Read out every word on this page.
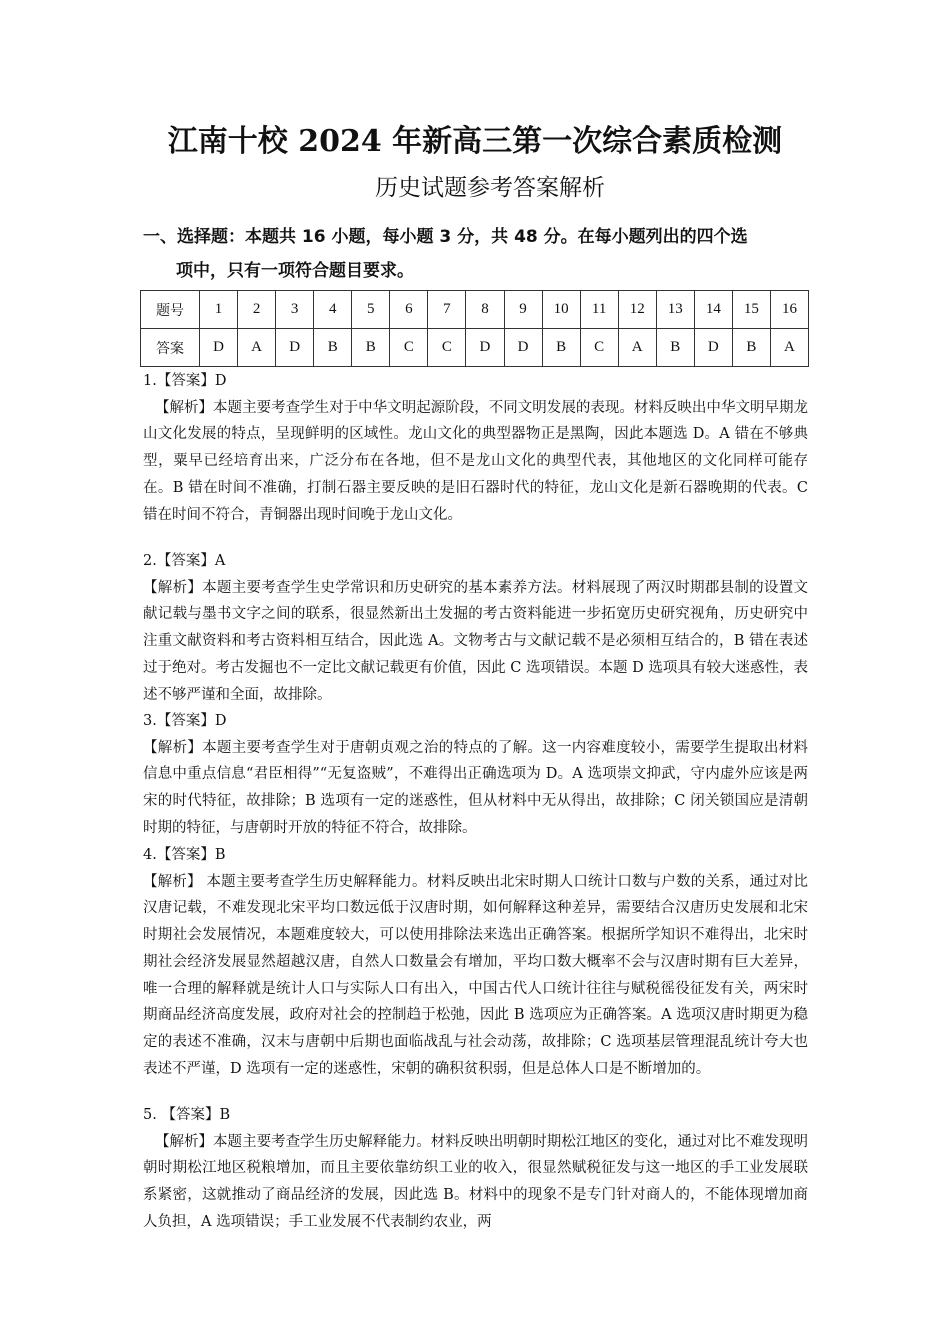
江南十校 2024 年新高三第一次综合素质检测
历史试题参考答案解析
一、选择题：本题共 16 小题，每小题 3 分，共 48 分。在每小题列出的四个选
项中，只有一项符合题目要求。
题号	1	2	3	4	5	6	7	8	9	10	11	12	13	14	15	16
答案	D	A	D	B	B	C	C	D	D	B	C	A	B	D	B	A

1.【答案】D

【解析】本题主要考查学生对于中华文明起源阶段，不同文明发展的表现。材料反映出中华文明早期龙山文化发展的特点，呈现鲜明的区域性。龙山文化的典型器物正是黑陶，因此本题选 D。A 错在不够典型，粟早已经培育出来，广泛分布在各地，但不是龙山文化的典型代表，其他地区的文化同样可能存在。B 错在时间不准确，打制石器主要反映的是旧石器时代的特征，龙山文化是新石器晚期的代表。C 错在时间不符合，青铜器出现时间晚于龙山文化。

2.【答案】A

【解析】本题主要考查学生史学常识和历史研究的基本素养方法。材料展现了两汉时期郡县制的设置文献记载与墨书文字之间的联系，很显然新出土发掘的考古资料能进一步拓宽历史研究视角，历史研究中注重文献资料和考古资料相互结合，因此选 A。文物考古与文献记载不是必须相互结合的，B 错在表述过于绝对。考古发掘也不一定比文献记载更有价值，因此 C 选项错误。本题 D 选项具有较大迷惑性，表述不够严谨和全面，故排除。

3.【答案】D

【解析】本题主要考查学生对于唐朝贞观之治的特点的了解。这一内容难度较小，需要学生提取出材料信息中重点信息“君臣相得”“无复盗贼”，不难得出正确选项为 D。A 选项崇文抑武，守内虚外应该是两宋的时代特征，故排除；B 选项有一定的迷惑性，但从材料中无从得出，故排除；C 闭关锁国应是清朝时期的特征，与唐朝时开放的特征不符合，故排除。

4.【答案】B

【解析】 本题主要考查学生历史解释能力。材料反映出北宋时期人口统计口数与户数的关系，通过对比汉唐记载，不难发现北宋平均口数远低于汉唐时期，如何解释这种差异，需要结合汉唐历史发展和北宋时期社会发展情况，本题难度较大，可以使用排除法来选出正确答案。根据所学知识不难得出，北宋时期社会经济发展显然超越汉唐，自然人口数量会有增加，平均口数大概率不会与汉唐时期有巨大差异，唯一合理的解释就是统计人口与实际人口有出入，中国古代人口统计往往与赋税徭役征发有关，两宋时期商品经济高度发展，政府对社会的控制趋于松弛，因此 B 选项应为正确答案。A 选项汉唐时期更为稳定的表述不准确，汉末与唐朝中后期也面临战乱与社会动荡，故排除；C 选项基层管理混乱统计夸大也表述不严谨，D 选项有一定的迷惑性，宋朝的确积贫积弱，但是总体人口是不断增加的。

5. 【答案】B

【解析】本题主要考查学生历史解释能力。材料反映出明朝时期松江地区的变化，通过对比不难发现明朝时期松江地区税粮增加，而且主要依靠纺织工业的收入，很显然赋税征发与这一地区的手工业发展联系紧密，这就推动了商品经济的发展，因此选 B。材料中的现象不是专门针对商人的，不能体现增加商人负担，A 选项错误；手工业发展不代表制约农业，两
